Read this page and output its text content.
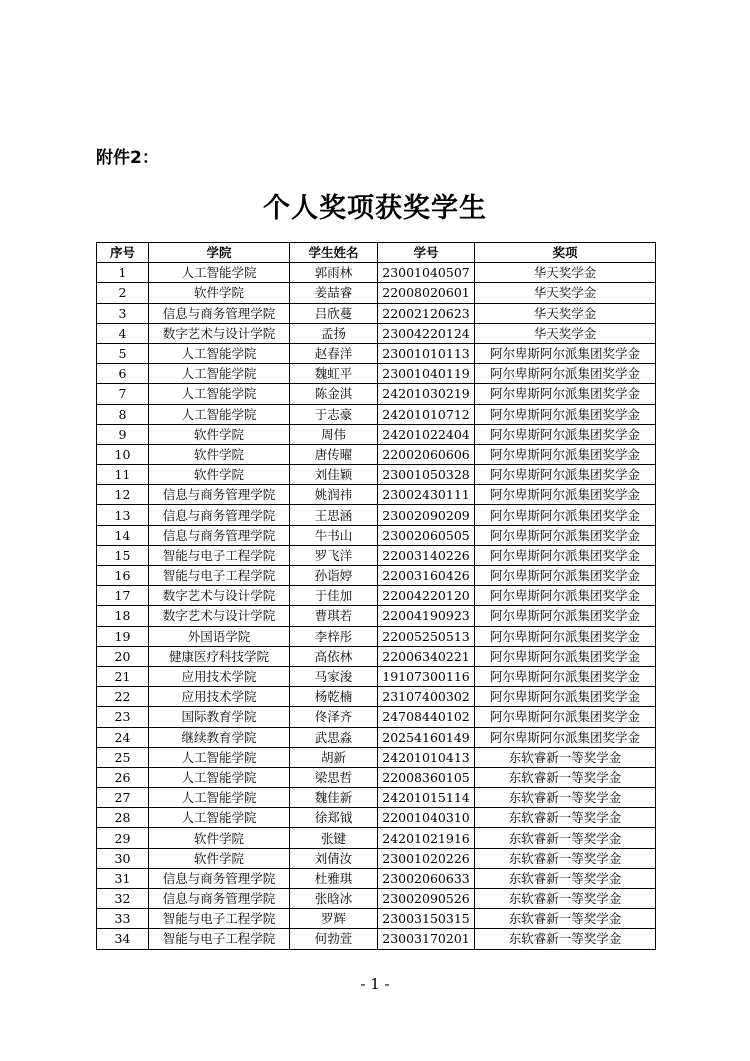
附件2：
个人奖项获奖学生
序号	学院	学生姓名	学号	奖项
1	人工智能学院	郭雨林	23001040507	华天奖学金
2	软件学院	姜喆睿	22008020601	华天奖学金
3	信息与商务管理学院	吕欣蔓	22002120623	华天奖学金
4	数字艺术与设计学院	孟扬	23004220124	华天奖学金
5	人工智能学院	赵春洋	23001010113	阿尔卑斯阿尔派集团奖学金
6	人工智能学院	魏虹平	23001040119	阿尔卑斯阿尔派集团奖学金
7	人工智能学院	陈金淇	24201030219	阿尔卑斯阿尔派集团奖学金
8	人工智能学院	于志豪	24201010712	阿尔卑斯阿尔派集团奖学金
9	软件学院	周伟	24201022404	阿尔卑斯阿尔派集团奖学金
10	软件学院	唐传曜	22002060606	阿尔卑斯阿尔派集团奖学金
11	软件学院	刘佳颖	23001050328	阿尔卑斯阿尔派集团奖学金
12	信息与商务管理学院	姚润祎	23002430111	阿尔卑斯阿尔派集团奖学金
13	信息与商务管理学院	王思涵	23002090209	阿尔卑斯阿尔派集团奖学金
14	信息与商务管理学院	牛书山	23002060505	阿尔卑斯阿尔派集团奖学金
15	智能与电子工程学院	罗飞洋	22003140226	阿尔卑斯阿尔派集团奖学金
16	智能与电子工程学院	孙诣婷	22003160426	阿尔卑斯阿尔派集团奖学金
17	数字艺术与设计学院	于佳加	22004220120	阿尔卑斯阿尔派集团奖学金
18	数字艺术与设计学院	曹琪若	22004190923	阿尔卑斯阿尔派集团奖学金
19	外国语学院	李梓彤	22005250513	阿尔卑斯阿尔派集团奖学金
20	健康医疗科技学院	高依林	22006340221	阿尔卑斯阿尔派集团奖学金
21	应用技术学院	马家浚	19107300116	阿尔卑斯阿尔派集团奖学金
22	应用技术学院	杨乾楠	23107400302	阿尔卑斯阿尔派集团奖学金
23	国际教育学院	佟泽齐	24708440102	阿尔卑斯阿尔派集团奖学金
24	继续教育学院	武思淼	20254160149	阿尔卑斯阿尔派集团奖学金
25	人工智能学院	胡新	24201010413	东软睿新一等奖学金
26	人工智能学院	梁思哲	22008360105	东软睿新一等奖学金
27	人工智能学院	魏佳新	24201015114	东软睿新一等奖学金
28	人工智能学院	徐郑钺	22001040310	东软睿新一等奖学金
29	软件学院	张键	24201021916	东软睿新一等奖学金
30	软件学院	刘倩汝	23001020226	东软睿新一等奖学金
31	信息与商务管理学院	杜雅琪	23002060633	东软睿新一等奖学金
32	信息与商务管理学院	张晗冰	23002090526	东软睿新一等奖学金
33	智能与电子工程学院	罗辉	23003150315	东软睿新一等奖学金
34	智能与电子工程学院	何勃萱	23003170201	东软睿新一等奖学金
- 1 -
